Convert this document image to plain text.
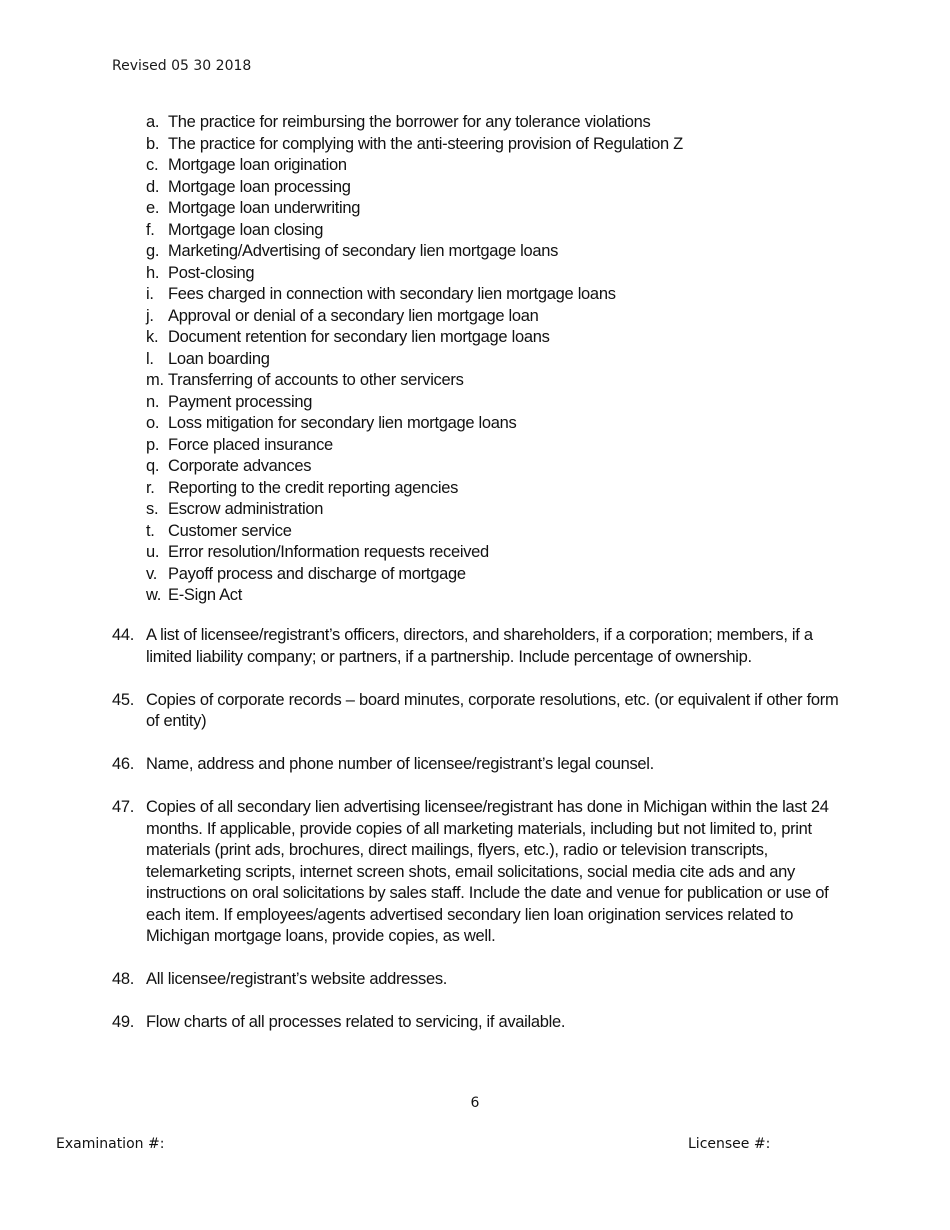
Revised 05 30 2018
a. The practice for reimbursing the borrower for any tolerance violations
b. The practice for complying with the anti-steering provision of Regulation Z
c. Mortgage loan origination
d. Mortgage loan processing
e. Mortgage loan underwriting
f. Mortgage loan closing
g. Marketing/Advertising of secondary lien mortgage loans
h. Post-closing
i. Fees charged in connection with secondary lien mortgage loans
j. Approval or denial of a secondary lien mortgage loan
k. Document retention for secondary lien mortgage loans
l. Loan boarding
m. Transferring of accounts to other servicers
n. Payment processing
o. Loss mitigation for secondary lien mortgage loans
p. Force placed insurance
q. Corporate advances
r. Reporting to the credit reporting agencies
s. Escrow administration
t. Customer service
u. Error resolution/Information requests received
v. Payoff process and discharge of mortgage
w. E-Sign Act
44. A list of licensee/registrant’s officers, directors, and shareholders, if a corporation; members, if a limited liability company; or partners, if a partnership. Include percentage of ownership.
45. Copies of corporate records – board minutes, corporate resolutions, etc. (or equivalent if other form of entity)
46. Name, address and phone number of licensee/registrant’s legal counsel.
47. Copies of all secondary lien advertising licensee/registrant has done in Michigan within the last 24 months. If applicable, provide copies of all marketing materials, including but not limited to, print materials (print ads, brochures, direct mailings, flyers, etc.), radio or television transcripts, telemarketing scripts, internet screen shots, email solicitations, social media cite ads and any instructions on oral solicitations by sales staff. Include the date and venue for publication or use of each item. If employees/agents advertised secondary lien loan origination services related to Michigan mortgage loans, provide copies, as well.
48. All licensee/registrant’s website addresses.
49. Flow charts of all processes related to servicing, if available.
6
Examination #:	Licensee #:
